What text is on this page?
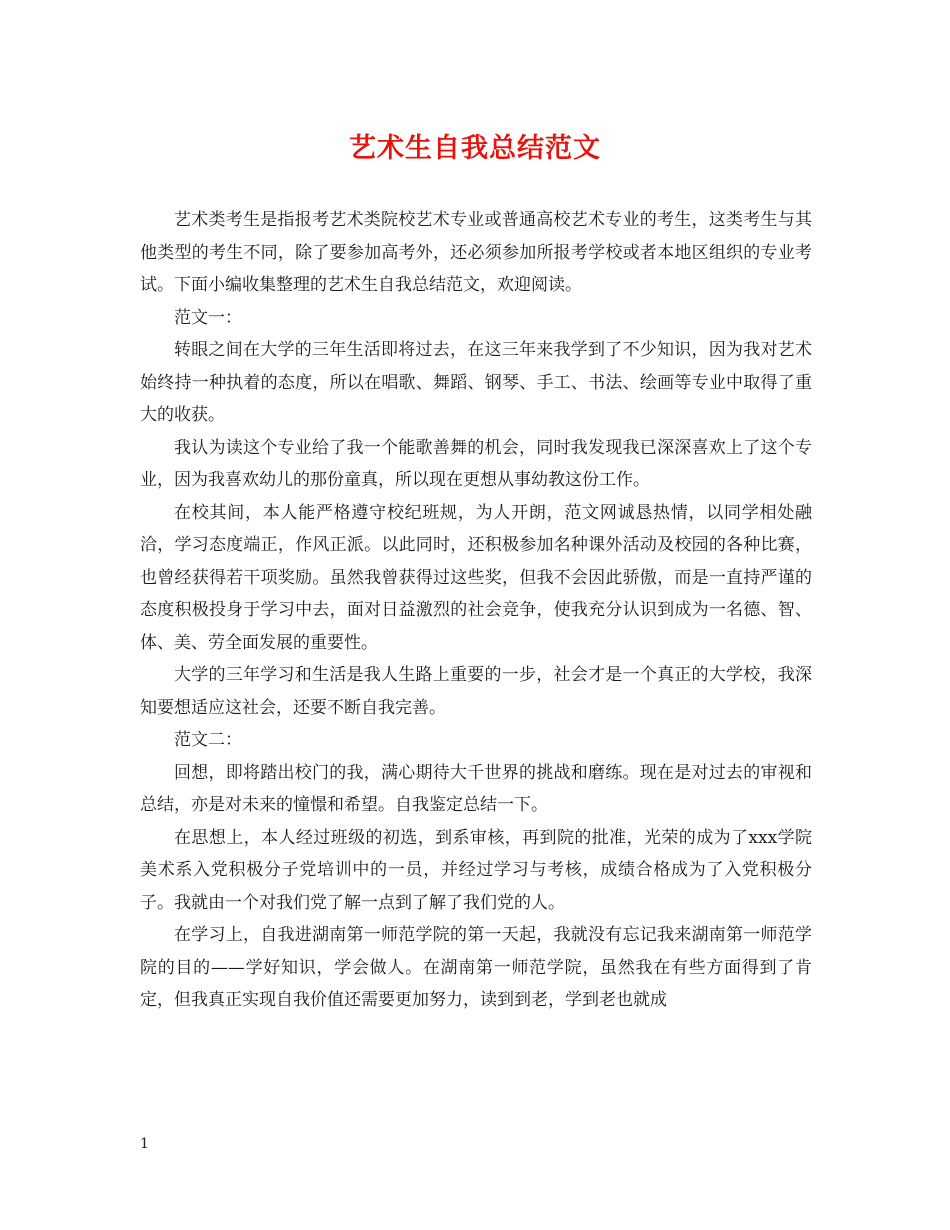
艺术生自我总结范文

艺术类考生是指报考艺术类院校艺术专业或普通高校艺术专业的考生，这类考生与其他类型的考生不同，除了要参加高考外，还必须参加所报考学校或者本地区组织的专业考试。下面小编收集整理的艺术生自我总结范文，欢迎阅读。

范文一：

转眼之间在大学的三年生活即将过去，在这三年来我学到了不少知识，因为我对艺术始终持一种执着的态度，所以在唱歌、舞蹈、钢琴、手工、书法、绘画等专业中取得了重大的收获。

我认为读这个专业给了我一个能歌善舞的机会，同时我发现我已深深喜欢上了这个专业，因为我喜欢幼儿的那份童真，所以现在更想从事幼教这份工作。

在校其间，本人能严格遵守校纪班规，为人开朗，范文网诚恳热情，以同学相处融洽，学习态度端正，作风正派。以此同时，还积极参加名种课外活动及校园的各种比赛，也曾经获得若干项奖励。虽然我曾获得过这些奖，但我不会因此骄傲，而是一直持严谨的态度积极投身于学习中去，面对日益激烈的社会竞争，使我充分认识到成为一名德、智、体、美、劳全面发展的重要性。

大学的三年学习和生活是我人生路上重要的一步，社会才是一个真正的大学校，我深知要想适应这社会，还要不断自我完善。

范文二：

回想，即将踏出校门的我，满心期待大千世界的挑战和磨练。现在是对过去的审视和总结，亦是对未来的憧憬和希望。自我鉴定总结一下。

在思想上，本人经过班级的初选，到系审核，再到院的批准，光荣的成为了xxx学院美术系入党积极分子党培训中的一员，并经过学习与考核，成绩合格成为了入党积极分子。我就由一个对我们党了解一点到了解了我们党的人。

在学习上，自我进湖南第一师范学院的第一天起，我就没有忘记我来湖南第一师范学院的目的——学好知识，学会做人。在湖南第一师范学院，虽然我在有些方面得到了肯定，但我真正实现自我价值还需要更加努力，读到到老，学到老也就成

1
